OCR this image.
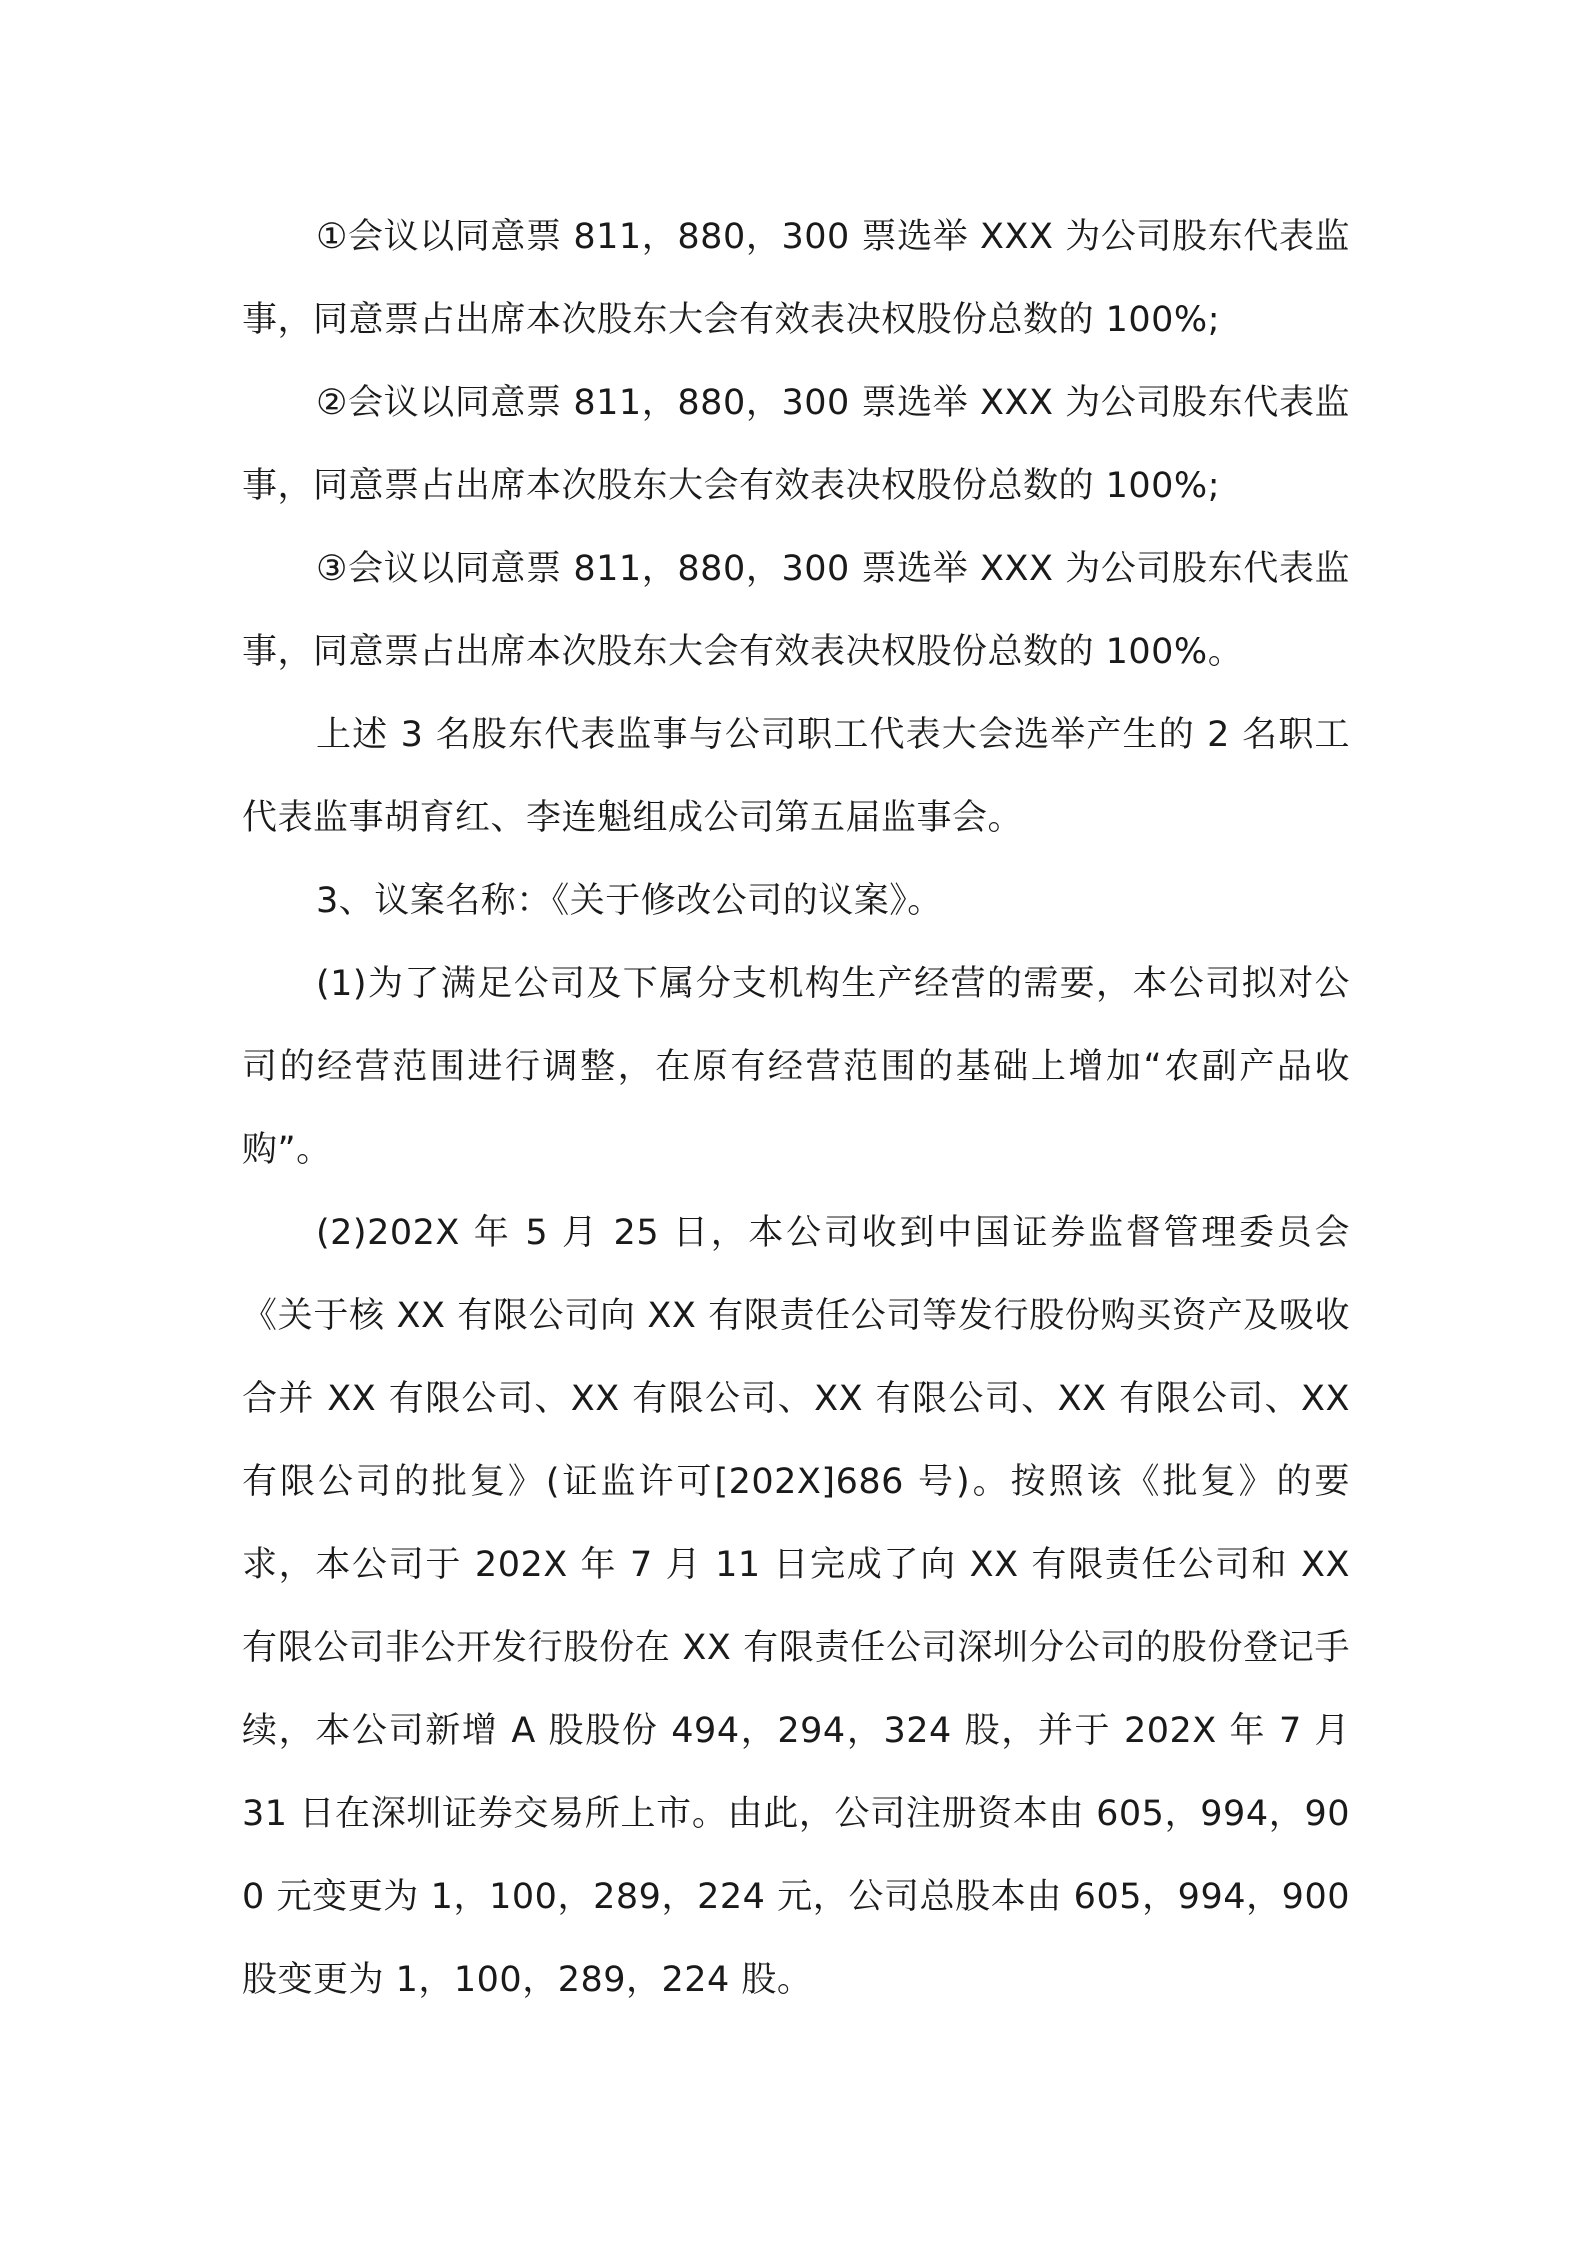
①会议以同意票 811，880，300 票选举 XXX 为公司股东代表监事，同意票占出席本次股东大会有效表决权股份总数的 100%;

②会议以同意票 811，880，300 票选举 XXX 为公司股东代表监事，同意票占出席本次股东大会有效表决权股份总数的 100%;

③会议以同意票 811，880，300 票选举 XXX 为公司股东代表监事，同意票占出席本次股东大会有效表决权股份总数的 100%。

上述 3 名股东代表监事与公司职工代表大会选举产生的 2 名职工代表监事胡育红、李连魁组成公司第五届监事会。

3、议案名称：《关于修改公司的议案》。

(1)为了满足公司及下属分支机构生产经营的需要，本公司拟对公司的经营范围进行调整，在原有经营范围的基础上增加“农副产品收购”。

(2)202X 年 5 月 25 日，本公司收到中国证券监督管理委员会《关于核 XX 有限公司向 XX 有限责任公司等发行股份购买资产及吸收合并 XX 有限公司、XX 有限公司、XX 有限公司、XX 有限公司、XX 有限公司的批复》(证监许可[202X]686 号)。按照该《批复》的要求，本公司于 202X 年 7 月 11 日完成了向 XX 有限责任公司和 XX 有限公司非公开发行股份在 XX 有限责任公司深圳分公司的股份登记手续，本公司新增 A 股股份 494，294，324 股，并于 202X 年 7 月 31 日在深圳证券交易所上市。由此，公司注册资本由 605，994，900 元变更为 1，100，289，224 元，公司总股本由 605，994，900 股变更为 1，100，289，224 股。
